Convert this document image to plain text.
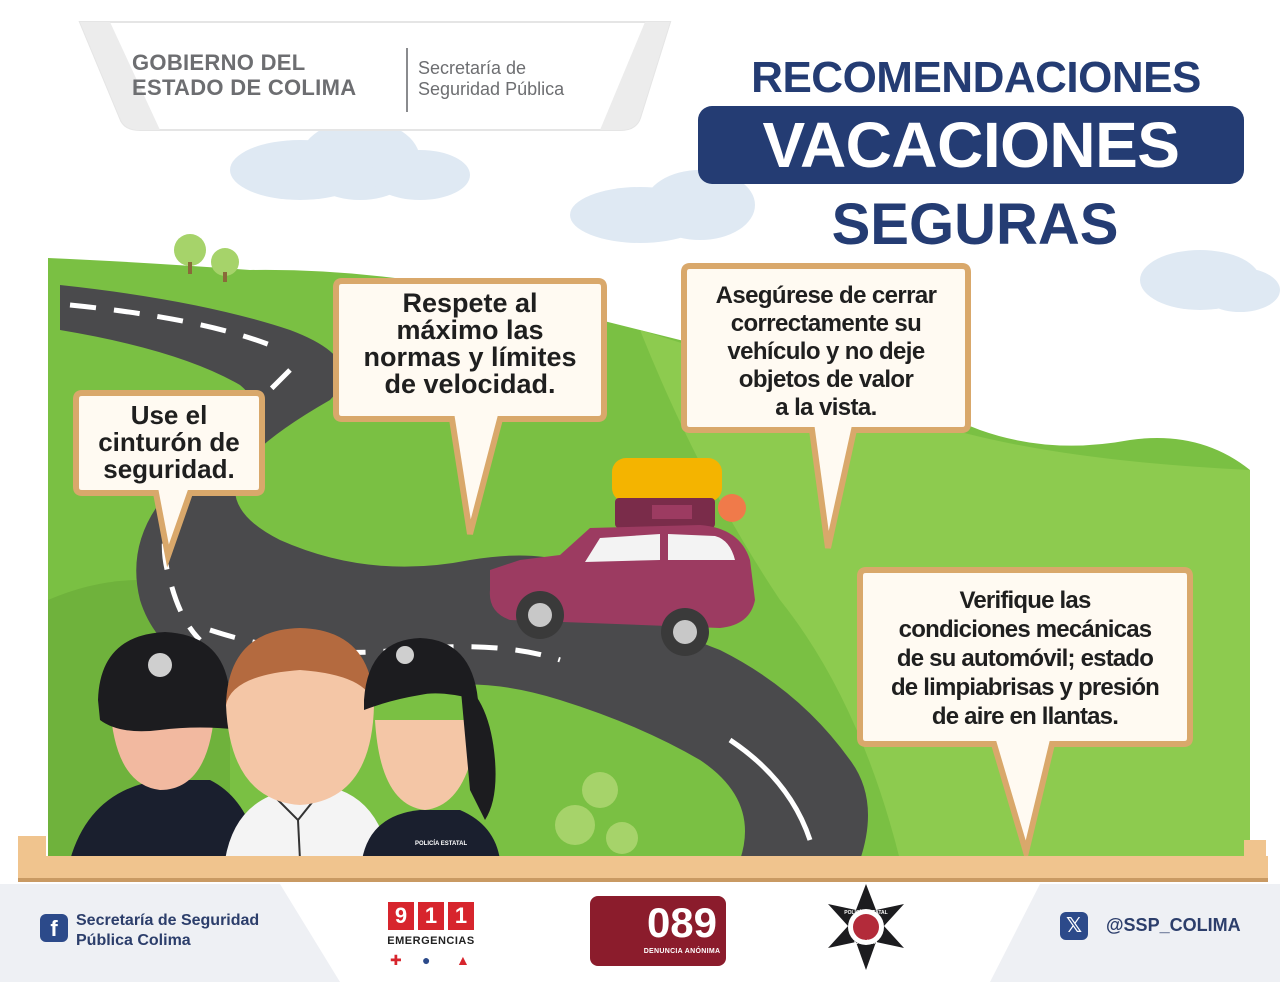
POLICÍA ESTATAL
COLIMA
POLICÍA ESTATAL
GOBIERNO DEL
ESTADO DE COLIMA
Secretaría de
Seguridad Pública	RECOMENDACIONES
VACACIONES
SEGURAS
Use el
cinturón de
seguridad.
Respete al
máximo las
normas y límites
de velocidad.
Asegúrese de cerrar
correctamente su
vehículo y no deje
objetos de valor
a la vista.
Verifique las
condiciones mecánicas
de su automóvil; estado
de limpiabrisas y presión
de aire en llantas.
f	Secretaría de Seguridad
Pública Colima
9 1 1
EMERGENCIAS
✚ ● ▲
089
DENUNCIA ANÓNIMA
𝕏	@SSP_COLIMA
